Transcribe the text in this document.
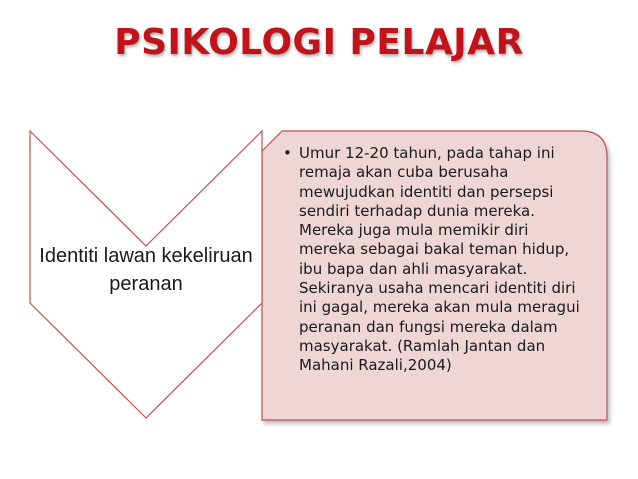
PSIKOLOGI PELAJAR
Identiti lawan kekeliruan peranan
• Umur 12-20 tahun, pada tahap ini remaja akan cuba berusaha mewujudkan identiti dan persepsi sendiri terhadap dunia mereka. Mereka juga mula memikir diri mereka sebagai bakal teman hidup, ibu bapa dan ahli masyarakat. Sekiranya usaha mencari identiti diri ini gagal, mereka akan mula meragui peranan dan fungsi mereka dalam masyarakat. (Ramlah Jantan dan Mahani Razali,2004)
